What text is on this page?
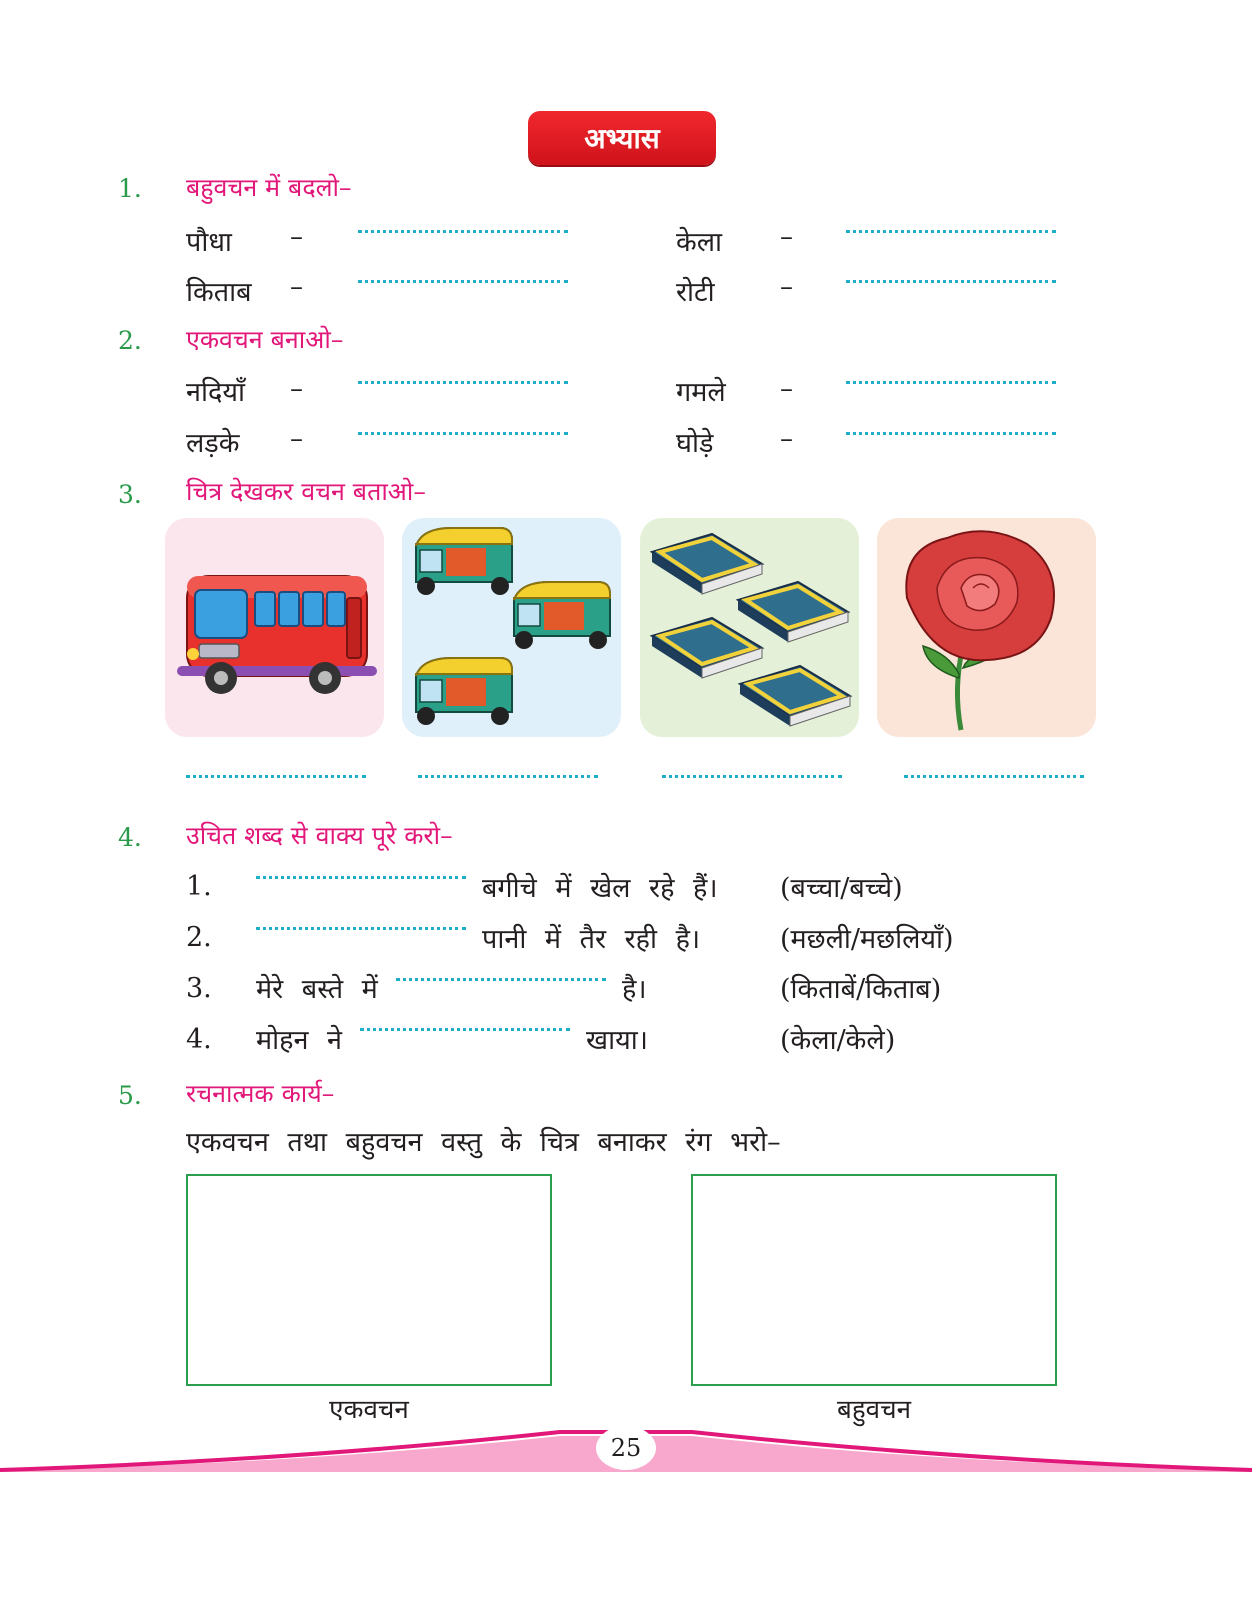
अभ्यास
1. बहुवचन में बदलो–
पौधा –	केला –
किताब –	रोटी	–
2. एकवचन बनाओ–
नदियाँ –	गमले –
लड़के –	घोड़े	–
3. चित्र देखकर वचन बताओ–
4. उचित शब्द से वाक्य पूरे करो–
1.	बगीचे में खेल रहे हैं। (बच्चा/बच्चे)
2.	पानी में तैर रही है।	(मछली/मछलियाँ)
3. मेरे बस्ते में	है।	(किताबें/किताब)
4. मोहन ने	खाया।	(केला/केले)
5. रचनात्मक कार्य–
एकवचन तथा बहुवचन वस्तु के चित्र बनाकर रंग भरो–
एकवचन	बहुवचन
25
